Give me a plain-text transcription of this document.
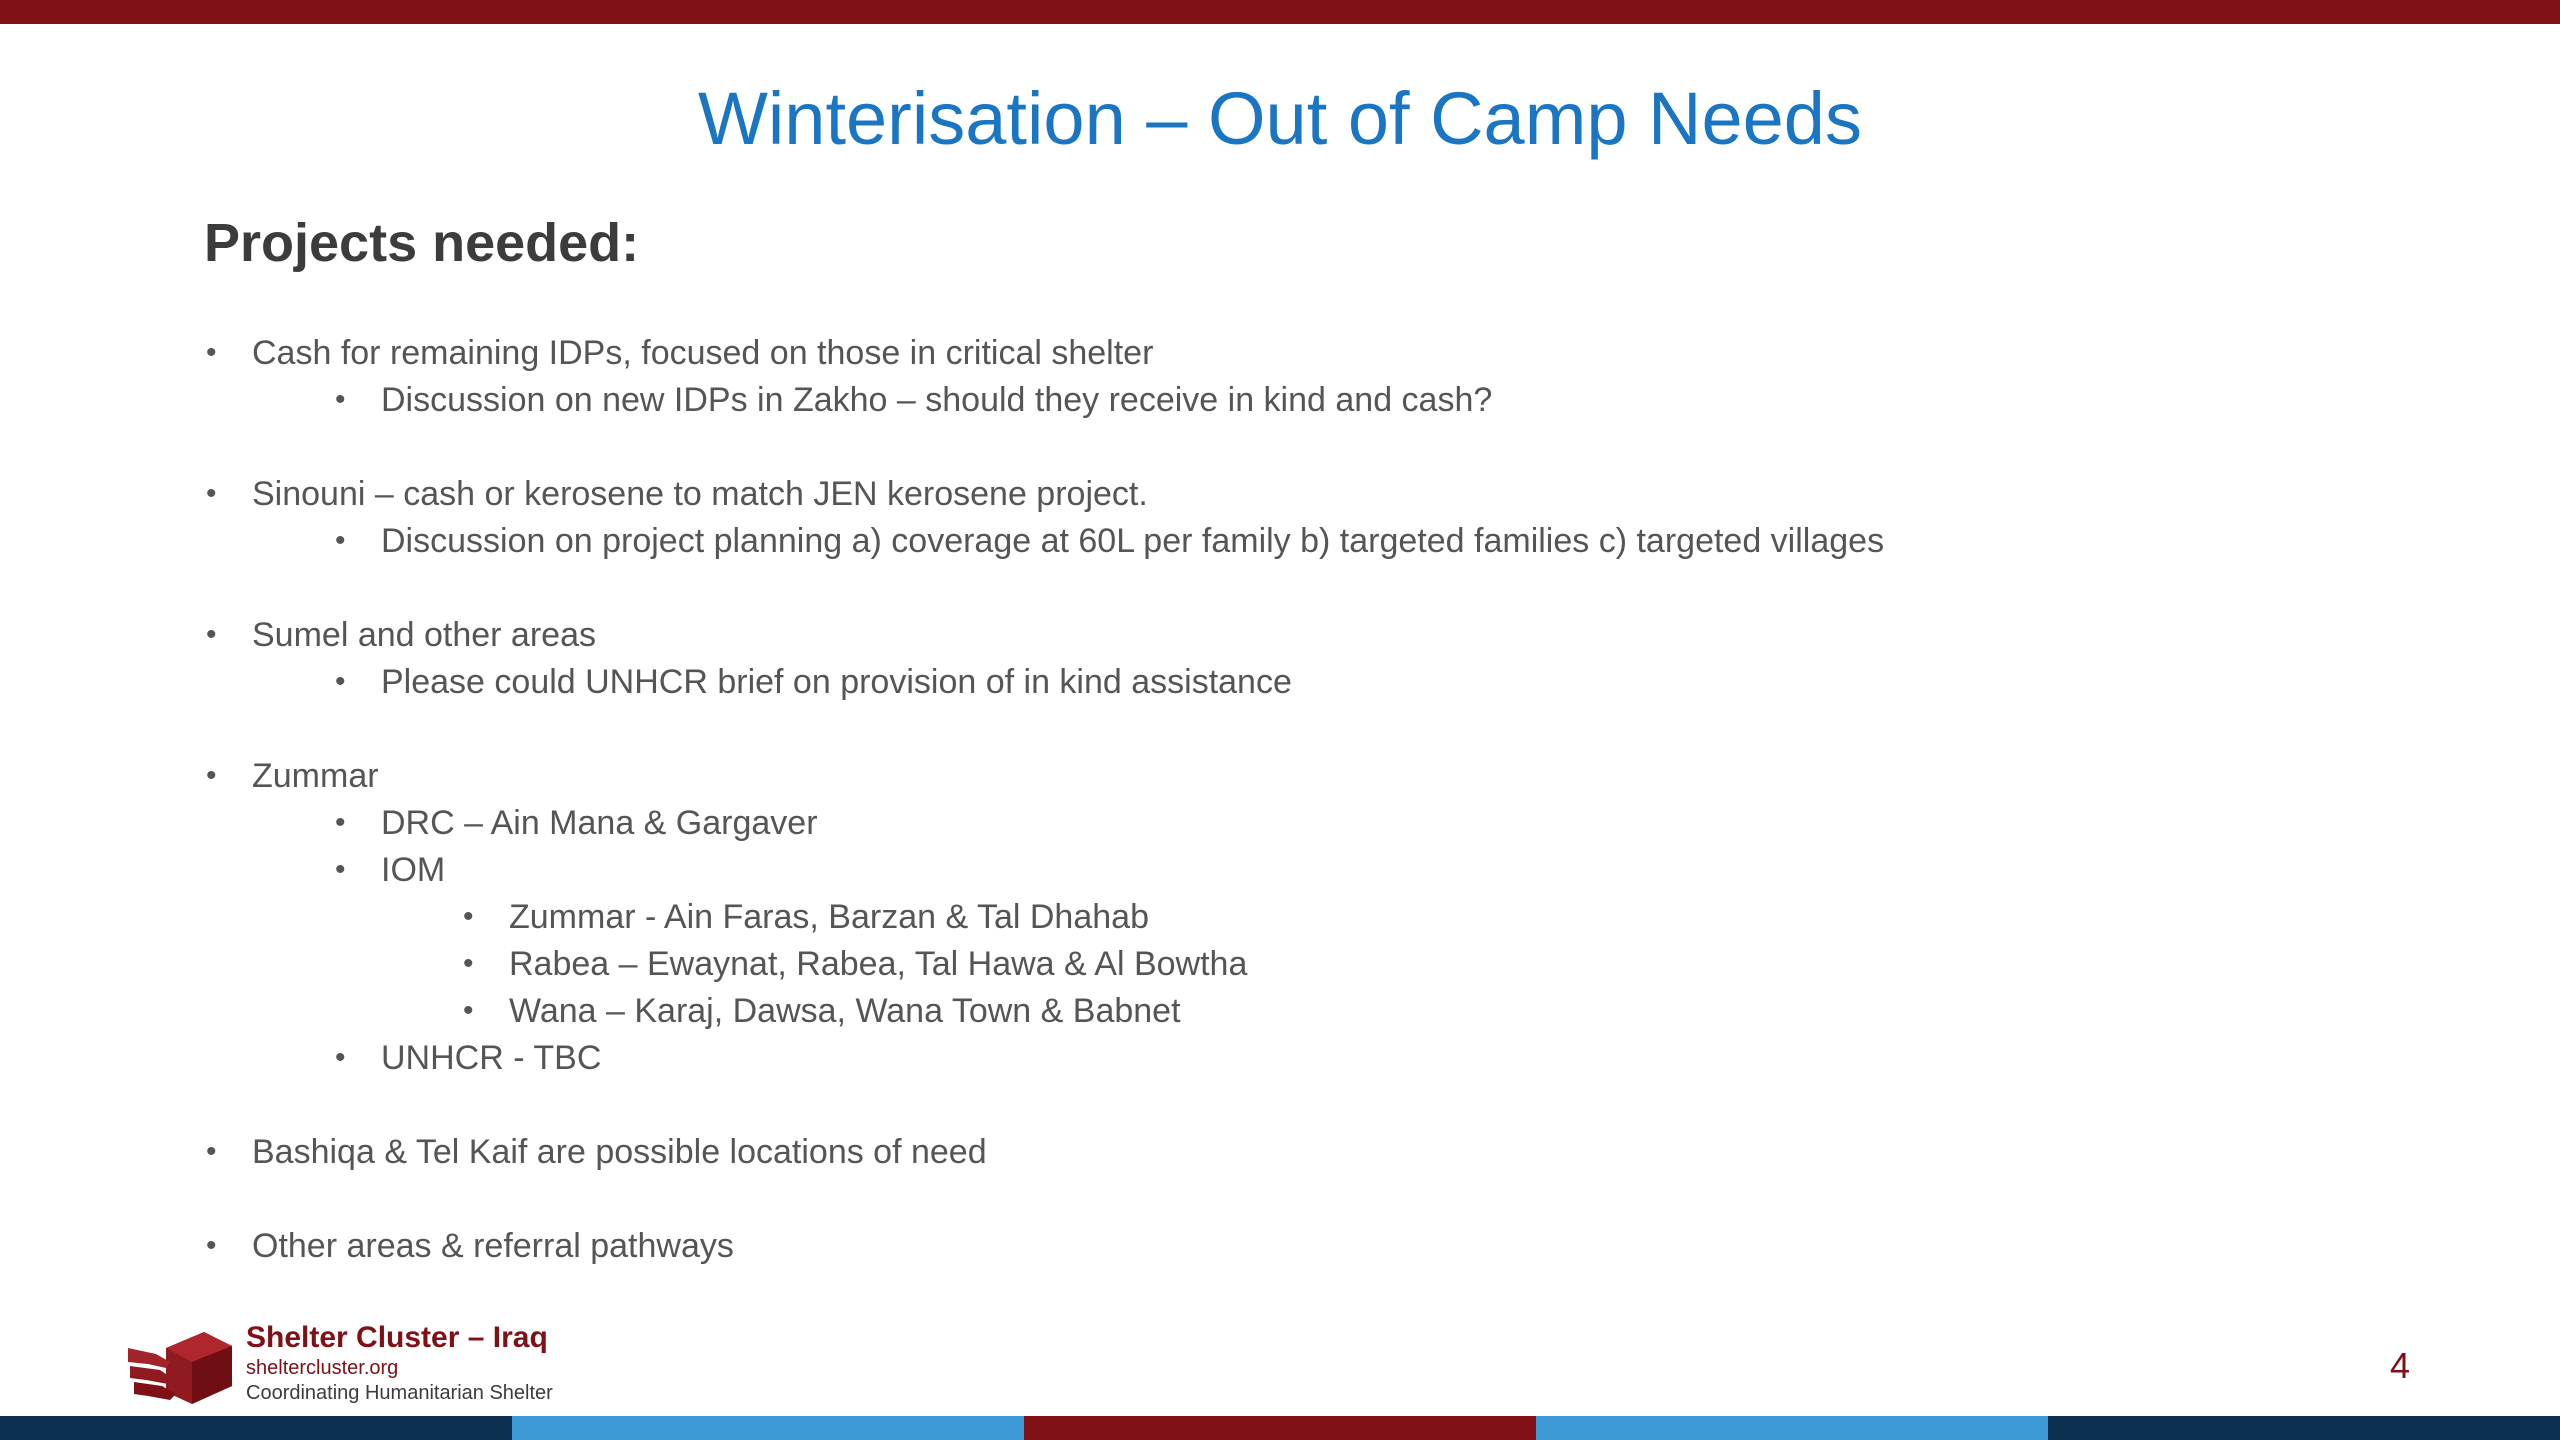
Winterisation – Out of Camp Needs
Projects needed:
• Cash for remaining IDPs, focused on those in critical shelter
• Discussion on new IDPs in Zakho – should they receive in kind and cash?
• Sinouni – cash or kerosene to match JEN kerosene project.
• Discussion on project planning a) coverage at 60L per family b) targeted families c) targeted villages
• Sumel and other areas
• Please could UNHCR brief on provision of in kind assistance
• Zummar
• DRC – Ain Mana & Gargaver
• IOM
• Zummar - Ain Faras, Barzan & Tal Dhahab
• Rabea – Ewaynat, Rabea, Tal Hawa & Al Bowtha
• Wana – Karaj, Dawsa, Wana Town & Babnet
• UNHCR - TBC
• Bashiqa & Tel Kaif are possible locations of need
• Other areas & referral pathways
Shelter Cluster – Iraq
sheltercluster.org
Coordinating Humanitarian Shelter
4
